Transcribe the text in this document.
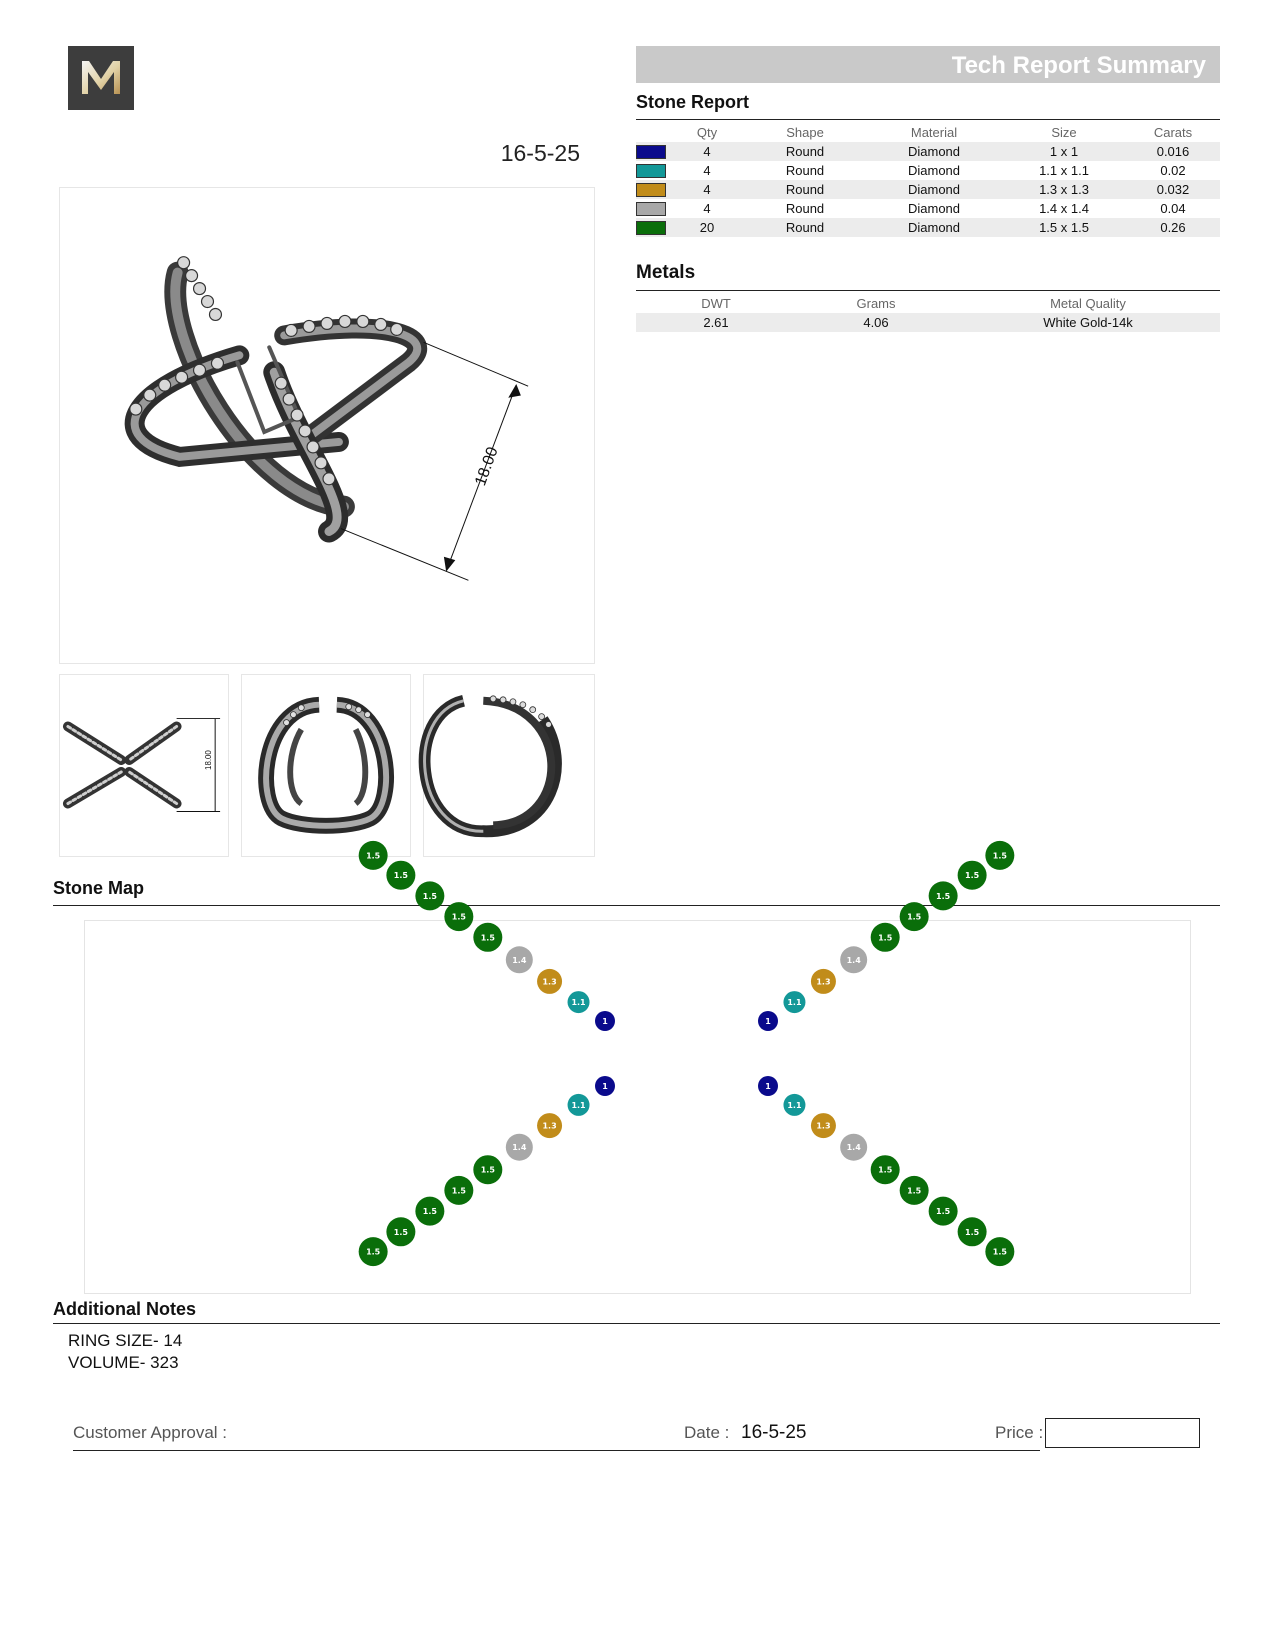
16-5-25
Tech Report Summary
Stone Report
	Qty	Shape	Material	Size	Carats

	4	Round	Diamond	1 x 1	0.016

	4	Round	Diamond	1.1 x 1.1	0.02

	4	Round	Diamond	1.3 x 1.3	0.032

	4	Round	Diamond	1.4 x 1.4	0.04

	20	Round	Diamond	1.5 x 1.5	0.26
Metals
DWT	Grams	Metal Quality
2.61	4.06	White Gold-14k
18.00
18.00
Stone Map
1
1.1
1.3
1.4
1.5
1.5
1.5
1.5
1.5
1
1.1
1.3
1.4
1.5
1.5
1.5
1.5
1.5
1
1.1
1.3
1.4
1.5
1.5
1.5
1.5
1.5
1
1.1
1.3
1.4
1.5
1.5
1.5
1.5
1.5
Additional Notes
RING SIZE- 14
VOLUME- 323
Customer Approval :	Date : 16-5-25	Price :
